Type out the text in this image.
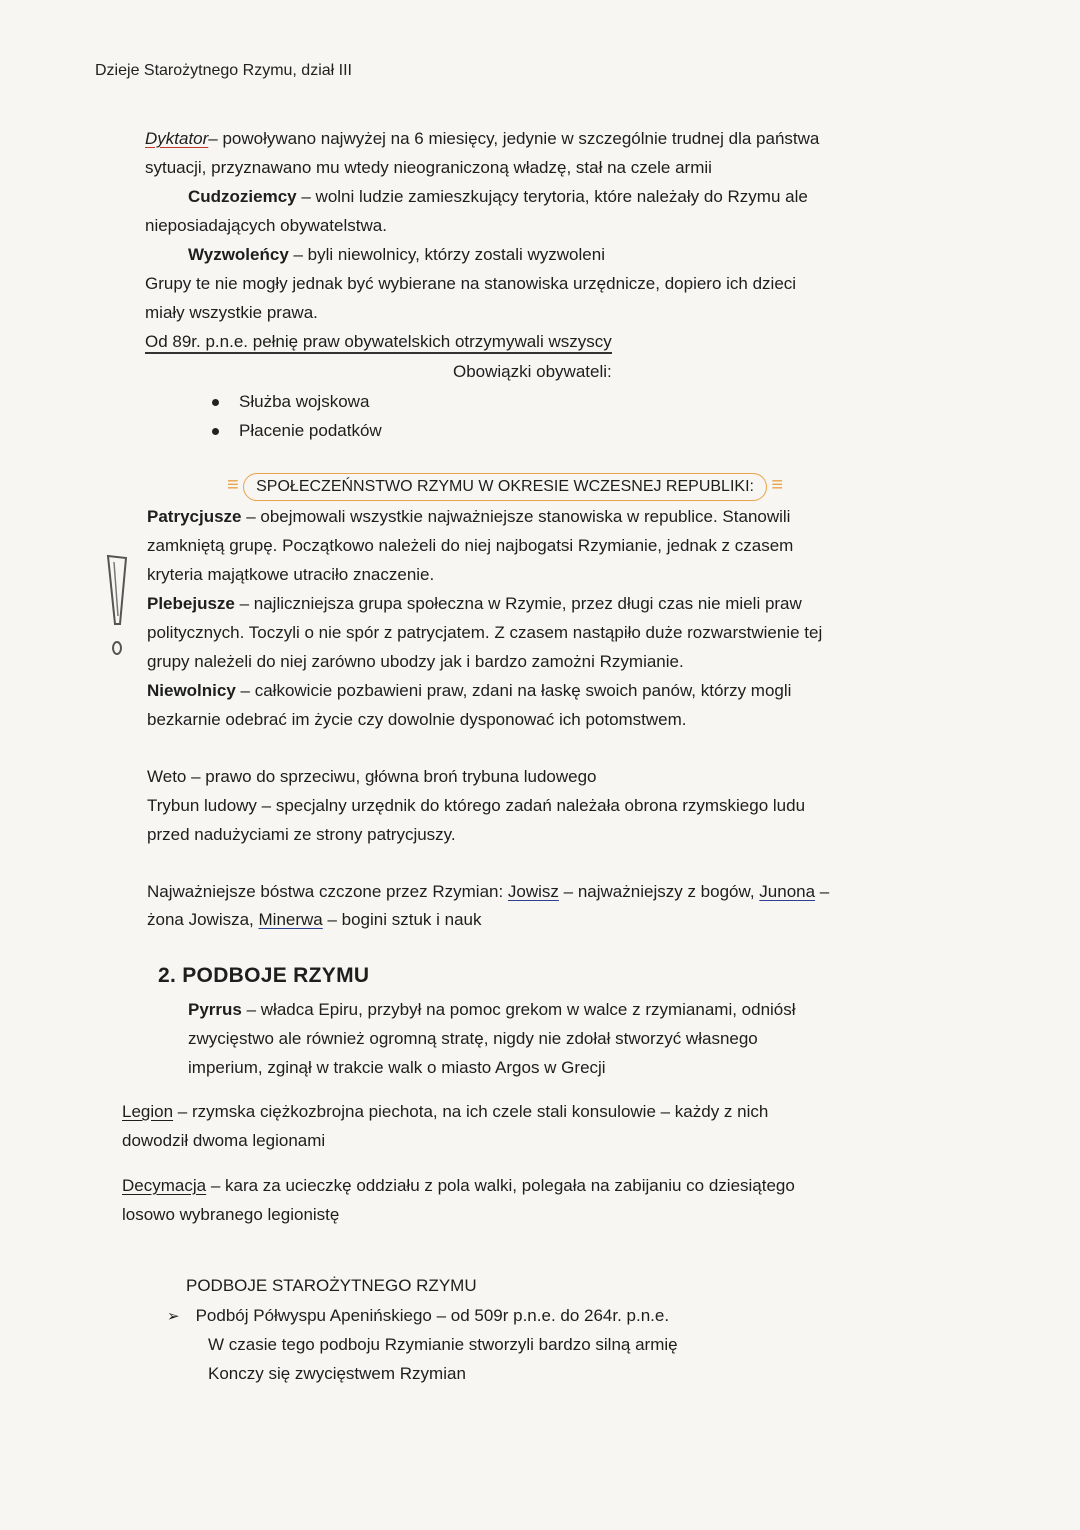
Dzieje Starożytnego Rzymu, dział III
Dyktator– powoływano najwyżej na 6 miesięcy, jedynie w szczególnie trudnej dla państwa
sytuacji, przyznawano mu wtedy nieograniczoną władzę, stał na czele armii
Cudzoziemcy – wolni ludzie zamieszkujący terytoria, które należały do Rzymu ale
nieposiadających obywatelstwa.
Wyzwoleńcy – byli niewolnicy, którzy zostali wyzwoleni
Grupy te nie mogły jednak być wybierane na stanowiska urzędnicze, dopiero ich dzieci
miały wszystkie prawa.
Od 89r. p.n.e. pełnię praw obywatelskich otrzymywali wszyscy
Obowiązki obywateli:
Służba wojskowa
Płacenie podatków
≡ SPOŁECZEŃNSTWO RZYMU W OKRESIE WCZESNEJ REPUBLIKI: ≡
Patrycjusze – obejmowali wszystkie najważniejsze stanowiska w republice. Stanowili
zamkniętą grupę. Początkowo należeli do niej najbogatsi Rzymianie, jednak z czasem
kryteria majątkowe utraciło znaczenie.
Plebejusze – najliczniejsza grupa społeczna w Rzymie, przez długi czas nie mieli praw
politycznych. Toczyli o nie spór z patrycjatem. Z czasem nastąpiło duże rozwarstwienie tej
grupy należeli do niej zarówno ubodzy jak i bardzo zamożni Rzymianie.
Niewolnicy – całkowicie pozbawieni praw, zdani na łaskę swoich panów, którzy mogli
bezkarnie odebrać im życie czy dowolnie dysponować ich potomstwem.
Weto – prawo do sprzeciwu, główna broń trybuna ludowego
Trybun ludowy – specjalny urzędnik do którego zadań należała obrona rzymskiego ludu
przed nadużyciami ze strony patrycjuszy.
Najważniejsze bóstwa czczone przez Rzymian: Jowisz – najważniejszy z bogów, Junona –
żona Jowisza, Minerwa – bogini sztuk i nauk
2. PODBOJE RZYMU
Pyrrus – władca Epiru, przybył na pomoc grekom w walce z rzymianami, odniósł
zwycięstwo ale również ogromną stratę, nigdy nie zdołał stworzyć własnego
imperium, zginął w trakcie walk o miasto Argos w Grecji
Legion – rzymska ciężkozbrojna piechota, na ich czele stali konsulowie – każdy z nich
dowodził dwoma legionami
Decymacja – kara za ucieczkę oddziału z pola walki, polegała na zabijaniu co dziesiątego
losowo wybranego legionistę
PODBOJE STAROŻYTNEGO RZYMU
➢ Podbój Półwyspu Apenińskiego – od 509r p.n.e. do 264r. p.n.e.
W czasie tego podboju Rzymianie stworzyli bardzo silną armię
Konczy się zwycięstwem Rzymian
